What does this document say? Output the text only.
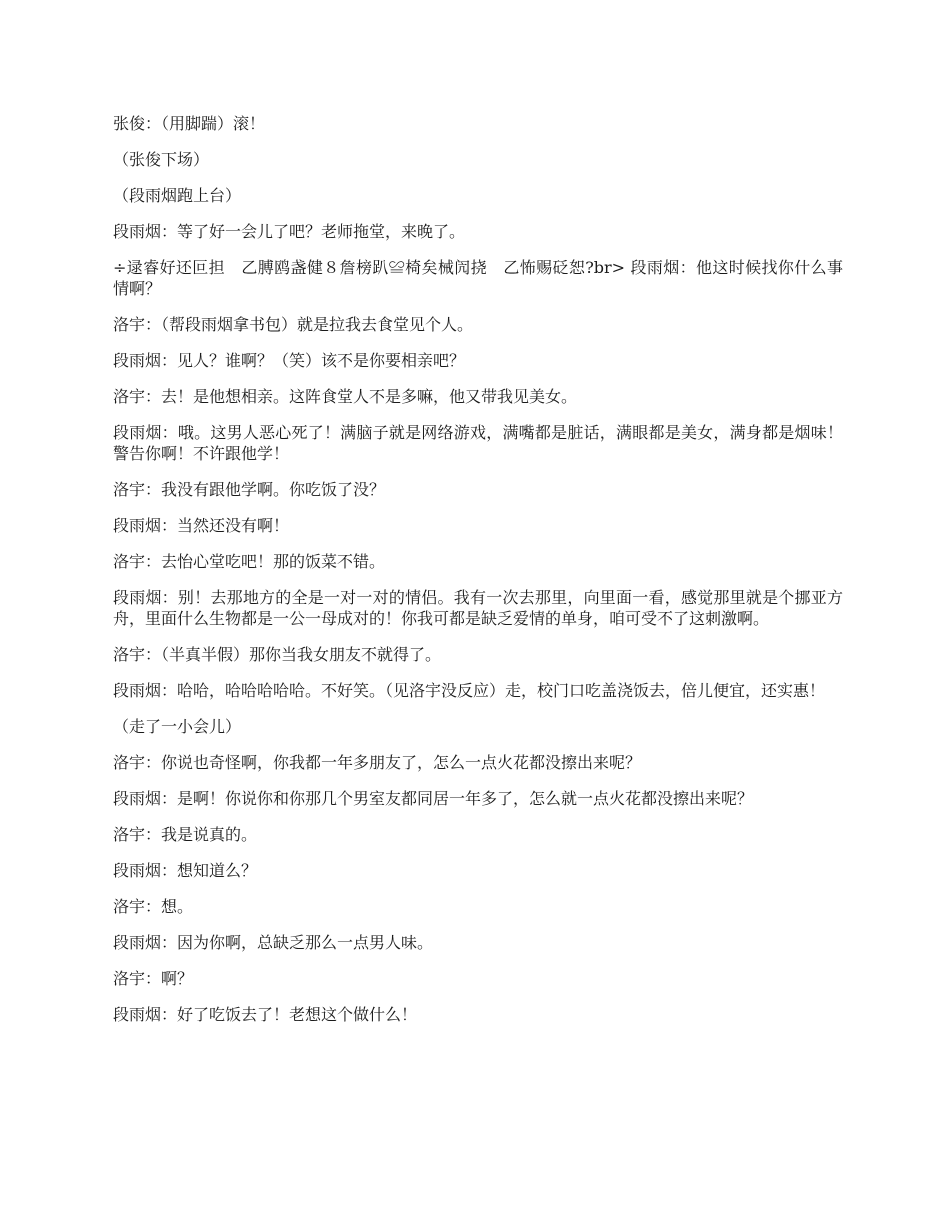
张俊：（用脚踹）滚！

（张俊下场）

（段雨烟跑上台）

段雨烟：等了好一会儿了吧？老师拖堂，来晚了。

÷逯睿好还叵担　乙膊鸥盏健８詹榜趴≌椅矣械闶挠　乙怖赐砭恕?br> 段雨烟：他这时候找你什么事情啊？

洛宇：（帮段雨烟拿书包）就是拉我去食堂见个人。

段雨烟：见人？谁啊？（笑）该不是你要相亲吧？

洛宇：去！是他想相亲。这阵食堂人不是多嘛，他又带我见美女。

段雨烟：哦。这男人恶心死了！满脑子就是网络游戏，满嘴都是脏话，满眼都是美女，满身都是烟味！警告你啊！不许跟他学！

洛宇：我没有跟他学啊。你吃饭了没？

段雨烟：当然还没有啊！

洛宇：去怡心堂吃吧！那的饭菜不错。

段雨烟：别！去那地方的全是一对一对的情侣。我有一次去那里，向里面一看，感觉那里就是个挪亚方舟，里面什么生物都是一公一母成对的！你我可都是缺乏爱情的单身，咱可受不了这刺激啊。

洛宇：（半真半假）那你当我女朋友不就得了。

段雨烟：哈哈，哈哈哈哈哈。不好笑。（见洛宇没反应）走，校门口吃盖浇饭去，倍儿便宜，还实惠！

（走了一小会儿）

洛宇：你说也奇怪啊，你我都一年多朋友了，怎么一点火花都没擦出来呢？

段雨烟：是啊！你说你和你那几个男室友都同居一年多了，怎么就一点火花都没擦出来呢？

洛宇：我是说真的。

段雨烟：想知道么？

洛宇：想。

段雨烟：因为你啊，总缺乏那么一点男人味。

洛宇：啊？

段雨烟：好了吃饭去了！老想这个做什么！
